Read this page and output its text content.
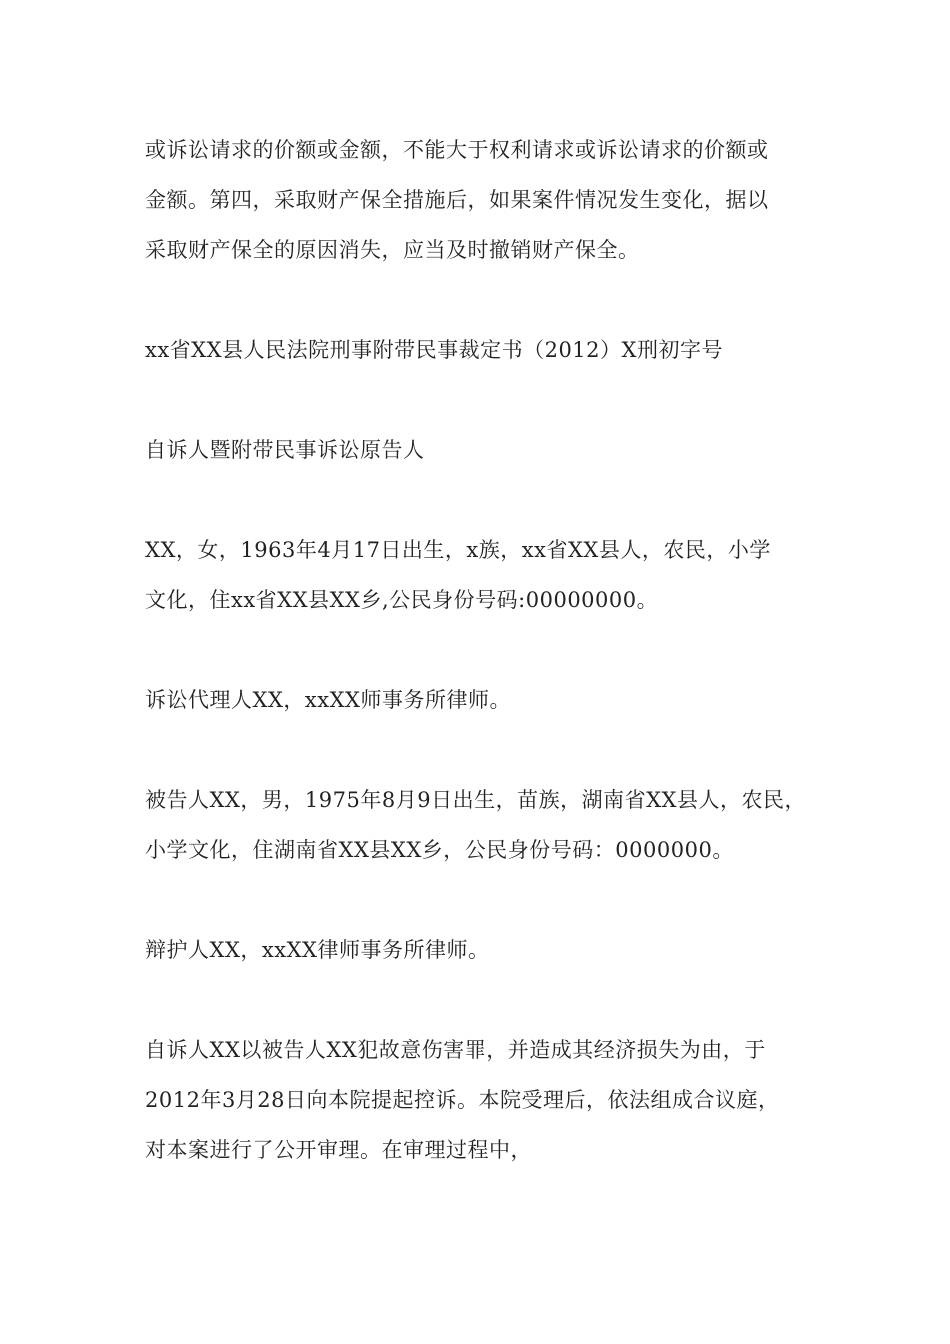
或诉讼请求的价额或金额，不能大于权利请求或诉讼请求的价额或
金额。第四，采取财产保全措施后，如果案件情况发生变化，据以
采取财产保全的原因消失，应当及时撤销财产保全。

xx省XX县人民法院刑事附带民事裁定书（2012）X刑初字号

自诉人暨附带民事诉讼原告人

XX，女，1963年4月17日出生，x族，xx省XX县人，农民，小学
文化，住xx省XX县XX乡,公民身份号码:00000000。

诉讼代理人XX，xxXX师事务所律师。

被告人XX，男，1975年8月9日出生，苗族，湖南省XX县人，农民，
小学文化，住湖南省XX县XX乡，公民身份号码：0000000。

辩护人XX，xxXX律师事务所律师。

自诉人XX以被告人XX犯故意伤害罪，并造成其经济损失为由，于
2012年3月28日向本院提起控诉。本院受理后，依法组成合议庭，
对本案进行了公开审理。在审理过程中，
